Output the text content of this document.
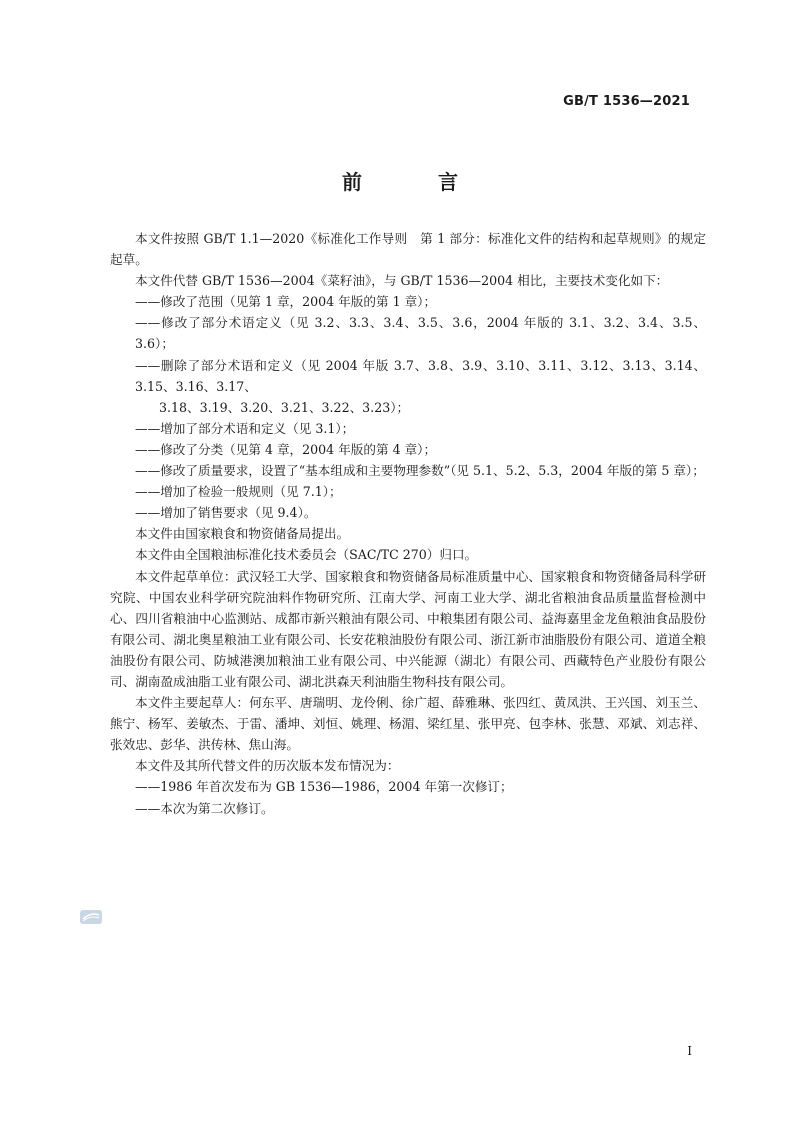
GB/T 1536—2021
前　言

本文件按照 GB/T 1.1—2020《标准化工作导则　第 1 部分：标准化文件的结构和起草规则》的规定起草。

本文件代替 GB/T 1536—2004《菜籽油》，与 GB/T 1536—2004 相比，主要技术变化如下：

——修改了范围（见第 1 章，2004 年版的第 1 章）；

——修改了部分术语定义（见 3.2、3.3、3.4、3.5、3.6，2004 年版的 3.1、3.2、3.4、3.5、3.6）；

——删除了部分术语和定义（见 2004 年版 3.7、3.8、3.9、3.10、3.11、3.12、3.13、3.14、3.15、3.16、3.17、
3.18、3.19、3.20、3.21、3.22、3.23）；

——增加了部分术语和定义（见 3.1）；

——修改了分类（见第 4 章，2004 年版的第 4 章）；

——修改了质量要求，设置了“基本组成和主要物理参数”（见 5.1、5.2、5.3，2004 年版的第 5 章）；

——增加了检验一般规则（见 7.1）；

——增加了销售要求（见 9.4）。

本文件由国家粮食和物资储备局提出。

本文件由全国粮油标准化技术委员会（SAC/TC 270）归口。

本文件起草单位：武汉轻工大学、国家粮食和物资储备局标准质量中心、国家粮食和物资储备局科学研究院、中国农业科学研究院油料作物研究所、江南大学、河南工业大学、湖北省粮油食品质量监督检测中心、四川省粮油中心监测站、成都市新兴粮油有限公司、中粮集团有限公司、益海嘉里金龙鱼粮油食品股份有限公司、湖北奥星粮油工业有限公司、长安花粮油股份有限公司、浙江新市油脂股份有限公司、道道全粮油股份有限公司、防城港澳加粮油工业有限公司、中兴能源（湖北）有限公司、西藏特色产业股份有限公司、湖南盈成油脂工业有限公司、湖北洪森天利油脂生物科技有限公司。

本文件主要起草人：何东平、唐瑞明、龙伶俐、徐广超、薛雅琳、张四红、黄凤洪、王兴国、刘玉兰、熊宁、杨军、姜敏杰、于雷、潘坤、刘恒、姚理、杨湄、梁红星、张甲亮、包李林、张慧、邓斌、刘志祥、张效忠、彭华、洪传林、焦山海。

本文件及其所代替文件的历次版本发布情况为：

——1986 年首次发布为 GB 1536—1986，2004 年第一次修订；

——本次为第二次修订。

I
